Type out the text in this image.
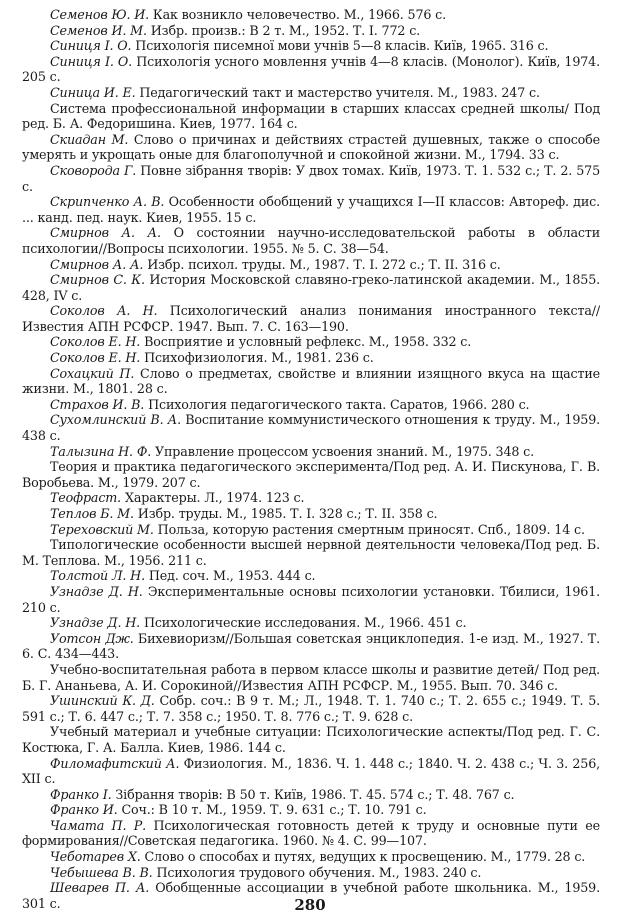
Семенов Ю. И. Как возникло человечество. М., 1966. 576 с.

Семенов И. М. Избр. произв.: В 2 т. М., 1952. Т. I. 772 с.

Синиця І. О. Психологія писемної мови учнів 5—8 класів. Київ, 1965. 316 с.

Синиця І. О. Психологія усного мовлення учнів 4—8 класів. (Монолог). Київ, 1974. 205 с.

Синица И. Е. Педагогический такт и мастерство учителя. М., 1983. 247 с.

Система профессиональной информации в старших классах средней школы/ Под ред. Б. А. Федоришина. Киев, 1977. 164 с.

Скиадан М. Слово о причинах и действиях страстей душевных, также о способе умерять и укрощать оные для благополучной и спокойной жизни. М., 1794. 33 с.

Сковорода Г. Повне зібрання творів: У двох томах. Київ, 1973. Т. 1. 532 с.; Т. 2. 575 с.

Скрипченко А. В. Особенности обобщений у учащихся I—II классов: Автореф. дис. ... канд. пед. наук. Киев, 1955. 15 с.

Смирнов А. А. О состоянии научно-исследовательской работы в области психологии//Вопросы психологии. 1955. № 5. С. 38—54.

Смирнов А. А. Избр. психол. труды. М., 1987. Т. I. 272 с.; Т. II. 316 с.

Смирнов С. К. История Московской славяно-греко-латинской академии. М., 1855. 428, IV с.

Соколов А. Н. Психологический анализ понимания иностранного текста// Известия АПН РСФСР. 1947. Вып. 7. С. 163—190.

Соколов Е. Н. Восприятие и условный рефлекс. М., 1958. 332 с.

Соколов Е. Н. Психофизиология. М., 1981. 236 с.

Сохацкий П. Слово о предметах, свойстве и влиянии изящного вкуса на щастие жизни. М., 1801. 28 с.

Страхов И. В. Психология педагогического такта. Саратов, 1966. 280 с.

Сухомлинский В. А. Воспитание коммунистического отношения к труду. М., 1959. 438 с.

Талызина Н. Ф. Управление процессом усвоения знаний. М., 1975. 348 с.

Теория и практика педагогического эксперимента/Под ред. А. И. Пискунова, Г. В. Воробьева. М., 1979. 207 с.

Теофраст. Характеры. Л., 1974. 123 с.

Теплов Б. М. Избр. труды. М., 1985. Т. I. 328 с.; Т. II. 358 с.

Тереховский М. Польза, которую растения смертным приносят. Спб., 1809. 14 с.

Типологические особенности высшей нервной деятельности человека/Под ред. Б. М. Теплова. М., 1956. 211 с.

Толстой Л. Н. Пед. соч. М., 1953. 444 с.

Узнадзе Д. Н. Экспериментальные основы психологии установки. Тбилиси, 1961. 210 с.

Узнадзе Д. Н. Психологические исследования. М., 1966. 451 с.

Уотсон Дж. Бихевиоризм//Большая советская энциклопедия. 1-е изд. М., 1927. Т. 6. С. 434—443.

Учебно-воспитательная работа в первом классе школы и развитие детей/ Под ред. Б. Г. Ананьева, А. И. Сорокиной//Известия АПН РСФСР. М., 1955. Вып. 70. 346 с.

Ушинский К. Д. Собр. соч.: В 9 т. М.; Л., 1948. Т. 1. 740 с.; Т. 2. 655 с.; 1949. Т. 5. 591 с.; Т. 6. 447 с.; Т. 7. 358 с.; 1950. Т. 8. 776 с.; Т. 9. 628 с.

Учебный материал и учебные ситуации: Психологические аспекты/Под ред. Г. С. Костюка, Г. А. Балла. Киев, 1986. 144 с.

Филомафитский А. Физиология. М., 1836. Ч. 1. 448 с.; 1840. Ч. 2. 438 с.; Ч. 3. 256, XII с.

Франко І. Зібрання творів: В 50 т. Київ, 1986. Т. 45. 574 с.; Т. 48. 767 с.

Франко И. Соч.: В 10 т. М., 1959. Т. 9. 631 с.; Т. 10. 791 с.

Чамата П. Р. Психологическая готовность детей к труду и основные пути ее формирования//Советская педагогика. 1960. № 4. С. 99—107.

Чеботарев Х. Слово о способах и путях, ведущих к просвещению. М., 1779. 28 с.

Чебышева В. В. Психология трудового обучения. М., 1983. 240 с.

Шеварев П. А. Обобщенные ассоциации в учебной работе школьника. М., 1959. 301 с.	280
